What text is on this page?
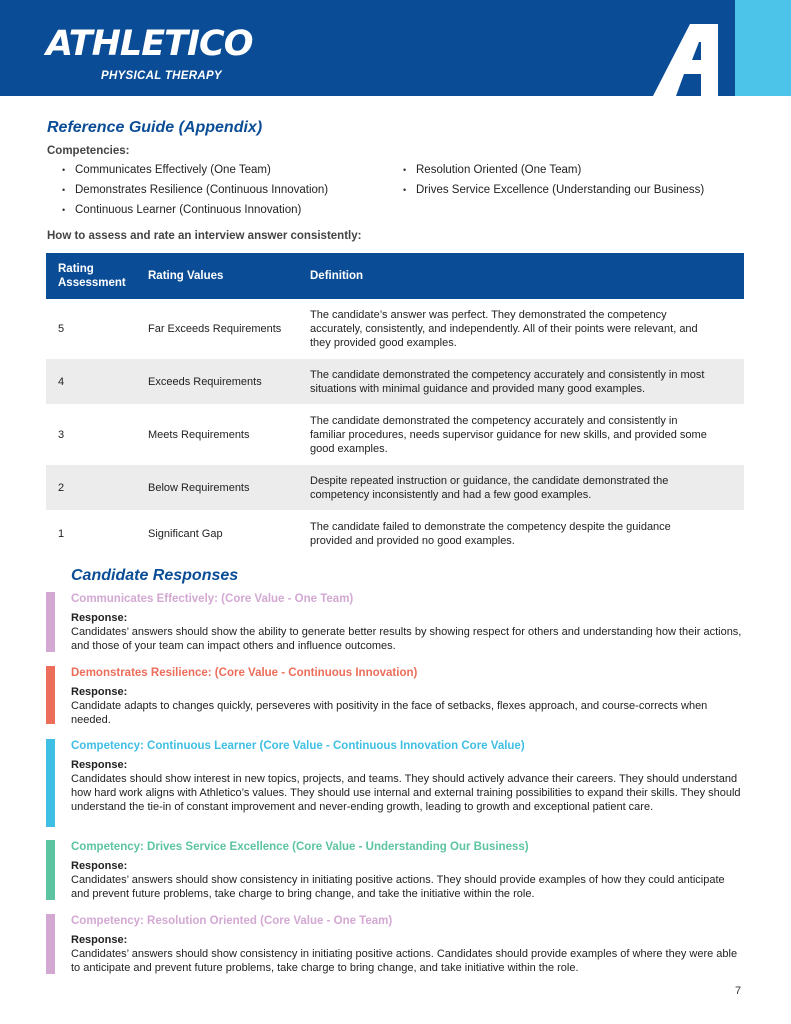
ATHLETICO
PHYSICAL THERAPY
Reference Guide (Appendix)
Competencies:
• Communicates Effectively (One Team)
• Demonstrates Resilience (Continuous Innovation)
• Continuous Learner (Continuous Innovation)
• Resolution Oriented (One Team)
• Drives Service Excellence (Understanding our Business)
How to assess and rate an interview answer consistently:
Rating Assessment	Rating Values	Definition
5	Far Exceeds Requirements	The candidate’s answer was perfect. They demonstrated the competency accurately, consistently, and independently. All of their points were relevant, and they provided good examples.
4	Exceeds Requirements	The candidate demonstrated the competency accurately and consistently in most situations with minimal guidance and provided many good examples.
3	Meets Requirements	The candidate demonstrated the competency accurately and consistently in familiar procedures, needs supervisor guidance for new skills, and provided some good examples.
2	Below Requirements	Despite repeated instruction or guidance, the candidate demonstrated the competency inconsistently and had a few good examples.
1	Significant Gap	The candidate failed to demonstrate the competency despite the guidance provided and provided no good examples.
Candidate Responses
Communicates Effectively: (Core Value - One Team)
Response:
Candidates’ answers should show the ability to generate better results by showing respect for others and understanding how their actions, and those of your team can impact others and influence outcomes.
Demonstrates Resilience: (Core Value - Continuous Innovation)
Response:
Candidate adapts to changes quickly, perseveres with positivity in the face of setbacks, flexes approach, and course-corrects when needed.
Competency: Continuous Learner (Core Value - Continuous Innovation Core Value)
Response:
Candidates should show interest in new topics, projects, and teams. They should actively advance their careers. They should understand how hard work aligns with Athletico’s values. They should use internal and external training possibilities to expand their skills. They should understand the tie-in of constant improvement and never-ending growth, leading to growth and exceptional patient care.
Competency: Drives Service Excellence (Core Value - Understanding Our Business)
Response:
Candidates’ answers should show consistency in initiating positive actions. They should provide examples of how they could anticipate and prevent future problems, take charge to bring change, and take the initiative within the role.
Competency: Resolution Oriented (Core Value - One Team)
Response:
Candidates’ answers should show consistency in initiating positive actions. Candidates should provide examples of where they were able to anticipate and prevent future problems, take charge to bring change, and take initiative within the role.
7
